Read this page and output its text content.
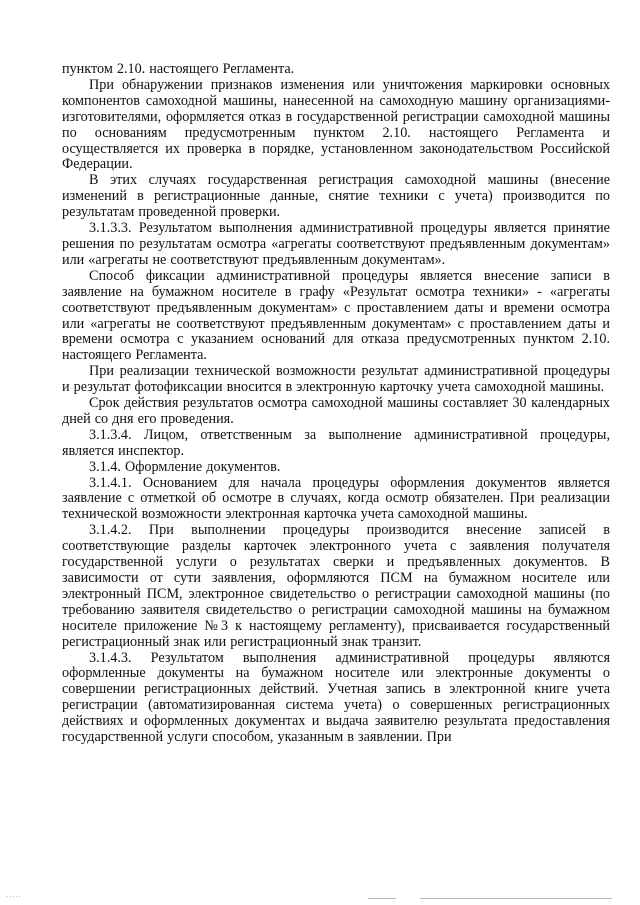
пунктом 2.10. настоящего Регламента.

При обнаружении признаков изменения или уничтожения маркировки основных компонентов самоходной машины, нанесенной на самоходную машину организациями-изготовителями, оформляется отказ в государственной регистрации самоходной машины по основаниям предусмотренным пунктом 2.10. настоящего Регламента и осуществляется их проверка в порядке, установленном законодательством Российской Федерации.

В этих случаях государственная регистрация самоходной машины (внесение изменений в регистрационные данные, снятие техники с учета) производится по результатам проведенной проверки.

3.1.3.3. Результатом выполнения административной процедуры является принятие решения по результатам осмотра «агрегаты соответствуют предъявленным документам» или «агрегаты не соответствуют предъявленным документам».

Способ фиксации административной процедуры является внесение записи в заявление на бумажном носителе в графу «Результат осмотра техники» - «агрегаты соответствуют предъявленным документам» с проставлением даты и времени осмотра или «агрегаты не соответствуют предъявленным документам» с проставлением даты и времени осмотра с указанием оснований для отказа предусмотренных пунктом 2.10. настоящего Регламента.

При реализации технической возможности результат административной процедуры и результат фотофиксации вносится в электронную карточку учета самоходной машины.

Срок действия результатов осмотра самоходной машины составляет 30 календарных дней со дня его проведения.

3.1.3.4. Лицом, ответственным за выполнение административной процедуры, является инспектор.

3.1.4. Оформление документов.

3.1.4.1. Основанием для начала процедуры оформления документов является заявление с отметкой об осмотре в случаях, когда осмотр обязателен. При реализации технической возможности электронная карточка учета самоходной машины.

3.1.4.2. При выполнении процедуры производится внесение записей в соответствующие разделы карточек электронного учета с заявления получателя государственной услуги о результатах сверки и предъявленных документов. В зависимости от сути заявления, оформляются ПСМ на бумажном носителе или электронный ПСМ, электронное свидетельство о регистрации самоходной машины (по требованию заявителя свидетельство о регистрации самоходной машины на бумажном носителе приложение №3 к настоящему регламенту), присваивается государственный регистрационный знак или регистрационный знак транзит.

3.1.4.3. Результатом выполнения административной процедуры являются оформленные документы на бумажном носителе или электронные документы о совершении регистрационных действий. Учетная запись в электронной книге учета регистрации (автоматизированная система учета) о совершенных регистрационных действиях и оформленных документах и выдача заявителю результата предоставления государственной услуги способом, указанным в заявлении. При

·····
